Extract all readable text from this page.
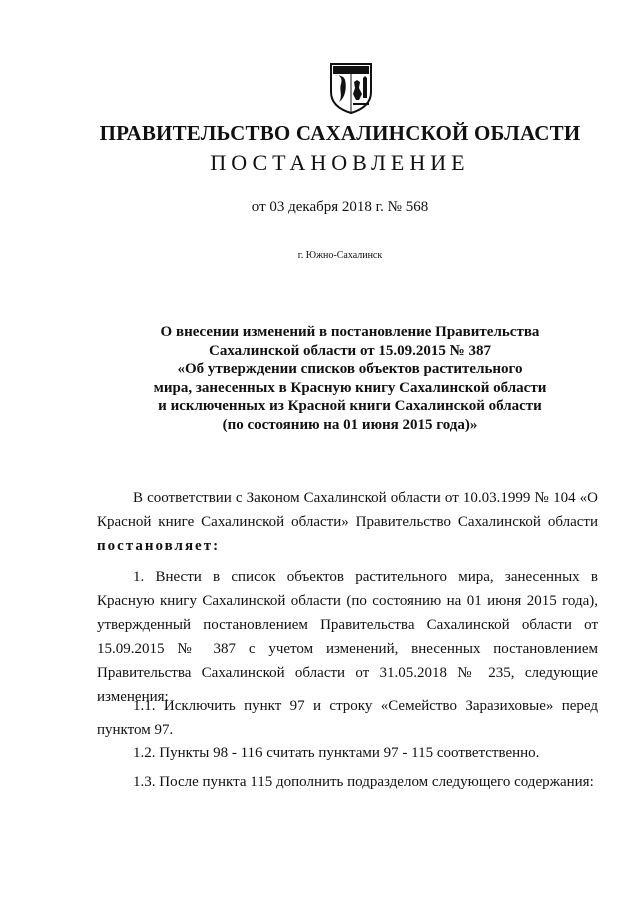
ПРАВИТЕЛЬСТВО САХАЛИНСКОЙ ОБЛАСТИ
ПОСТАНОВЛЕНИЕ
от 03 декабря 2018 г. № 568
г. Южно-Сахалинск
О внесении изменений в постановление Правительства
Сахалинской области от 15.09.2015 № 387
«Об утверждении списков объектов растительного
мира, занесенных в Красную книгу Сахалинской области
и исключенных из Красной книги Сахалинской области
(по состоянию на 01 июня 2015 года)»

В соответствии с Законом Сахалинской области от 10.03.1999 № 104 «О Красной книге Сахалинской области» Правительство Сахалинской области постановляет:

1. Внести в список объектов растительного мира, занесенных в Красную книгу Сахалинской области (по состоянию на 01 июня 2015 года), утвержденный постановлением Правительства Сахалинской области от 15.09.2015 № 387 с учетом изменений, внесенных постановлением Правительства Сахалинской области от 31.05.2018 № 235, следующие изменения:

1.1. Исключить пункт 97 и строку «Семейство Заразиховые» перед пунктом 97.

1.2. Пункты 98 - 116 считать пунктами 97 - 115 соответственно.

1.3. После пункта 115 дополнить подразделом следующего содержания:
